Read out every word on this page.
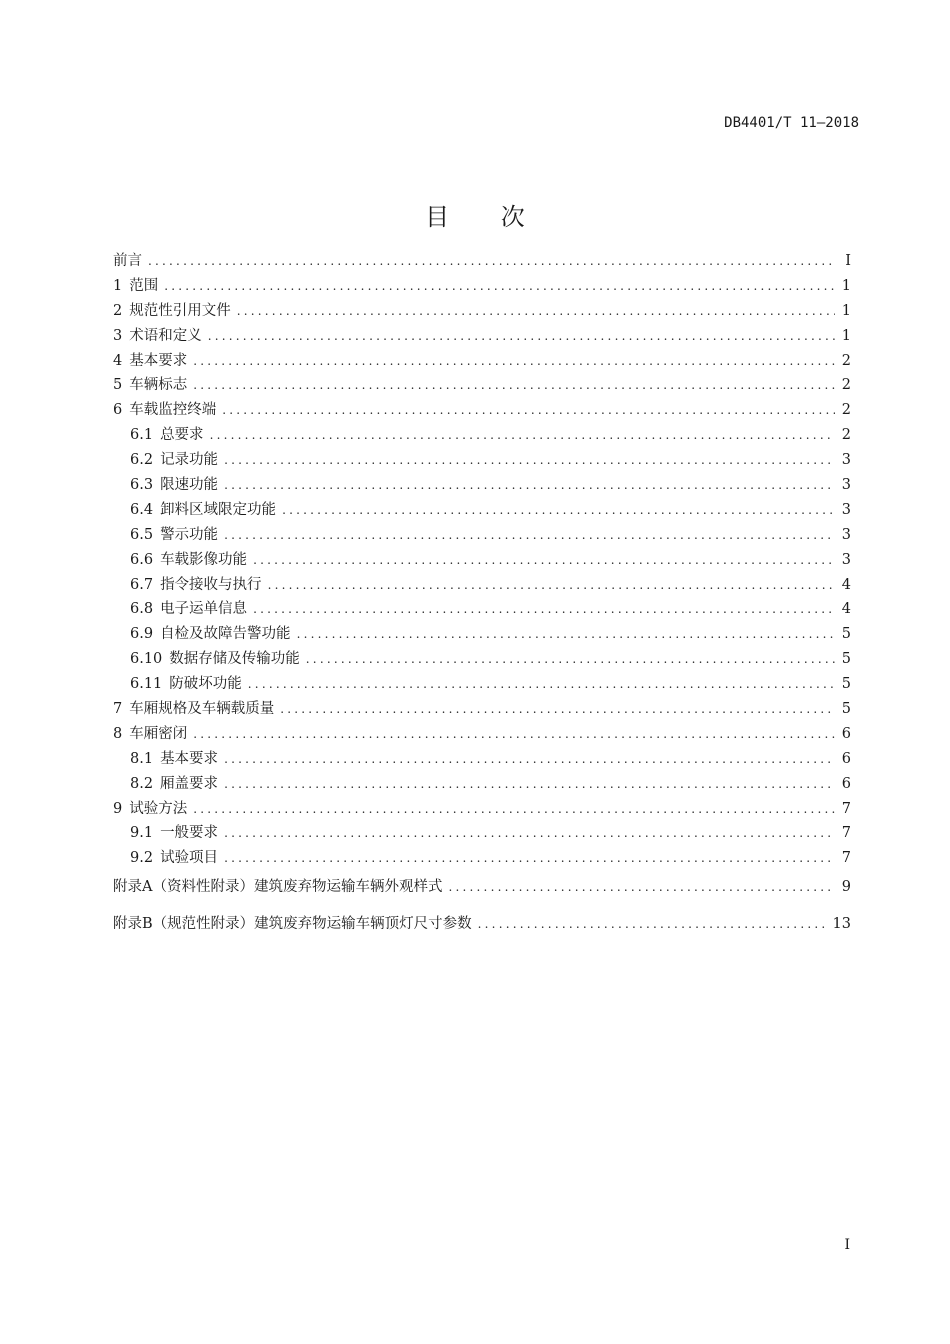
DB4401/T 11—2018
目 次
前言 .....	I
1 范围 .....	1
2 规范性引用文件 .....	1
3 术语和定义 .....	1
4 基本要求 .....	2
5 车辆标志 .....	2
6 车载监控终端 .....	2
6.1 总要求 .....	2
6.2 记录功能 .....	3
6.3 限速功能 .....	3
6.4 卸料区域限定功能 .....	3
6.5 警示功能 .....	3
6.6 车载影像功能 .....	3
6.7 指令接收与执行 .....	4
6.8 电子运单信息 .....	4
6.9 自检及故障告警功能 .....	5
6.10 数据存储及传输功能 .....	5
6.11 防破坏功能 .....	5
7 车厢规格及车辆载质量 .....	5
8 车厢密闭 .....	6
8.1 基本要求 .....	6
8.2 厢盖要求 .....	6
9 试验方法 .....	7
9.1 一般要求 .....	7
9.2 试验项目 .....	7
附录A（资料性附录）建筑废弃物运输车辆外观样式 .....	9
附录B（规范性附录）建筑废弃物运输车辆顶灯尺寸参数 .....	13
I
